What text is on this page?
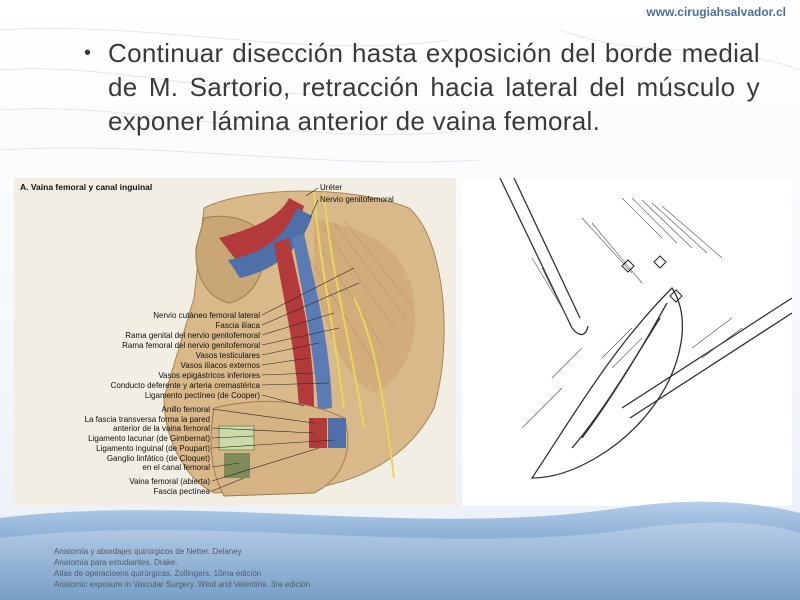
www.cirugiahsalvador.cl
• Continuar disección hasta exposición del borde medial de M. Sartorio, retracción hacia lateral del músculo y exponer lámina anterior de vaina femoral.
A. Vaina femoral y canal inguinal	Uréter
Nervio genitofemoral
Nervio cutáneo femoral lateral
Fascia ilíaca
Rama genital del nervio genitofemoral
Rama femoral del nervio genitofemoral
Vasos testiculares
Vasos ilíacos externos
Vasos epigástricos inferiores
Conducto deferente y arteria cremastérica
Ligamento pectíneo (de Cooper)
Anillo femoral
La fascia transversa forma la pared
anterior de la vaina femoral
Ligamento lacunar (de Gimbernat)
Ligamento inguinal (de Poupart)
Ganglio linfático (de Cloquet)
en el canal femoral
Vaina femoral (abierta)
Fascia pectínea
Anatomía y abordajes quirúrgicos de Netter. Delaney
Anatomía para estudiantes. Drake.
Atlas de operacioens quirúrgicas. Zollingers. 10ma edición
Anatomic exposure in Vascular Surgery. Wind and Valentine. 3ra edición
